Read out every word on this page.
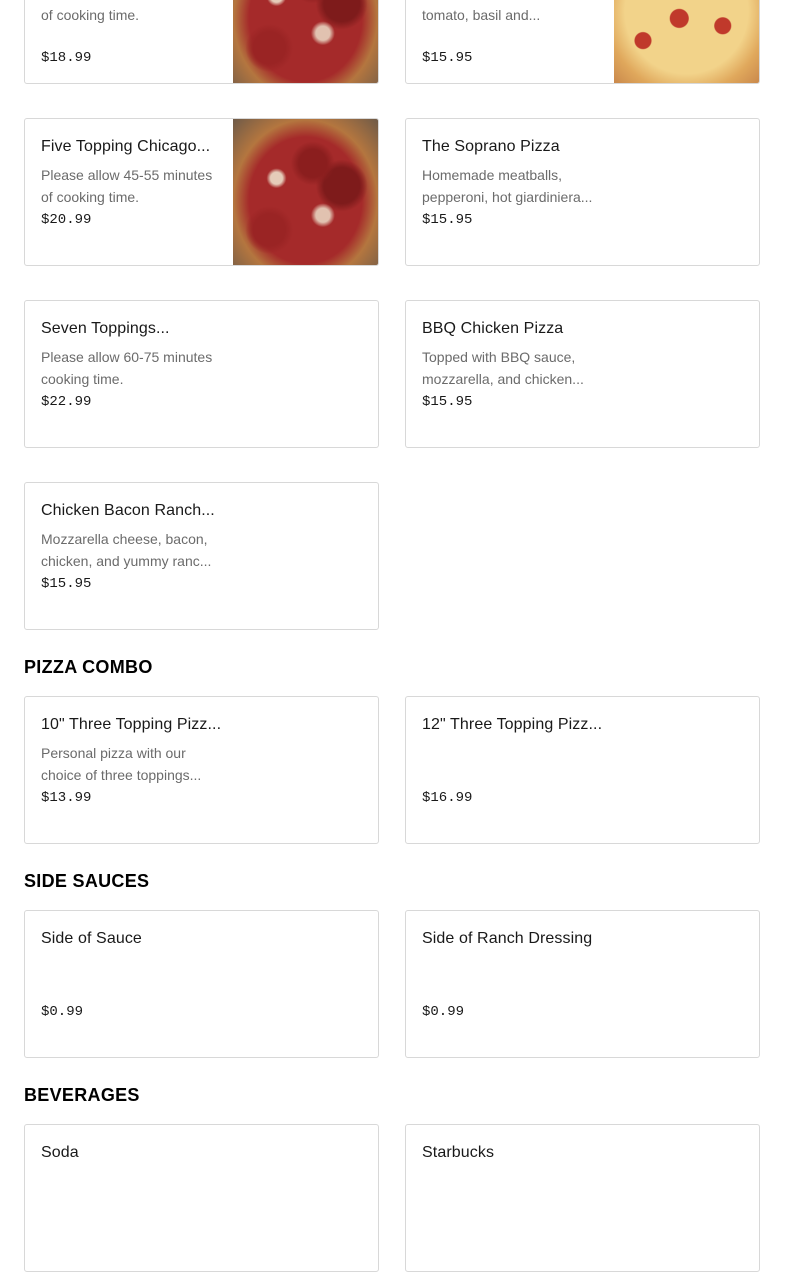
of cooking time.
$18.99
tomato, basil and...
$15.95
Five Topping Chicago...
Please allow 45-55 minutes of cooking time.
$20.99
The Soprano Pizza
Homemade meatballs, pepperoni, hot giardiniera...
$15.95
Seven Toppings...
Please allow 60-75 minutes cooking time.
$22.99
BBQ Chicken Pizza
Topped with BBQ sauce, mozzarella, and chicken...
$15.95
Chicken Bacon Ranch...
Mozzarella cheese, bacon, chicken, and yummy ranc...
$15.95
PIZZA COMBO
10" Three Topping Pizz...
Personal pizza with our choice of three toppings...
$13.99
12" Three Topping Pizz...
$16.99
SIDE SAUCES
Side of Sauce
$0.99
Side of Ranch Dressing
$0.99
BEVERAGES
Soda	Starbucks
